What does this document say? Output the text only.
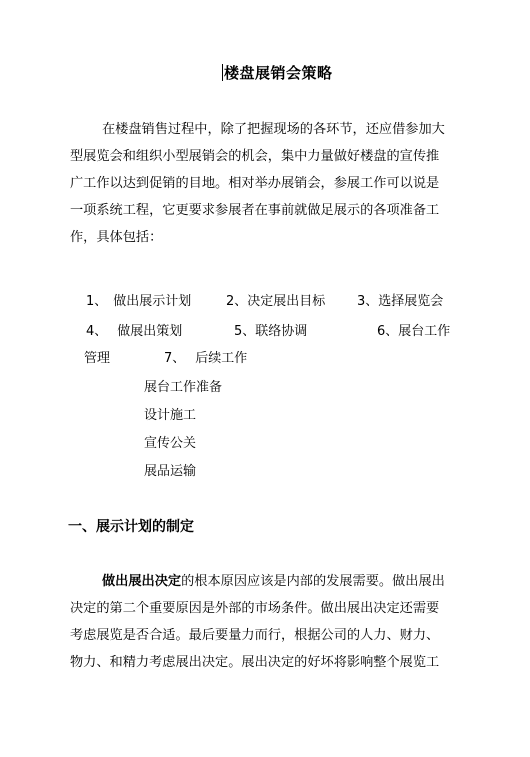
楼盘展销会策略
在楼盘销售过程中，除了把握现场的各环节，还应借参加大
型展览会和组织小型展销会的机会，集中力量做好楼盘的宣传推
广工作以达到促销的目地。相对举办展销会，参展工作可以说是
一项系统工程，它更要求参展者在事前就做足展示的各项准备工
作，具体包括：
1、 做出展示计划	2、决定展出目标 3、选择展览会
4、 做展出策划	5、联络协调	6、展台工作
管理	7、 后续工作
展台工作准备
设计施工
宣传公关
展品运输
一、展示计划的制定
做出展出决定的根本原因应该是内部的发展需要。做出展出
决定的第二个重要原因是外部的市场条件。做出展出决定还需要
考虑展览是否合适。最后要量力而行，根据公司的人力、财力、
物力、和精力考虑展出决定。展出决定的好坏将影响整个展览工
